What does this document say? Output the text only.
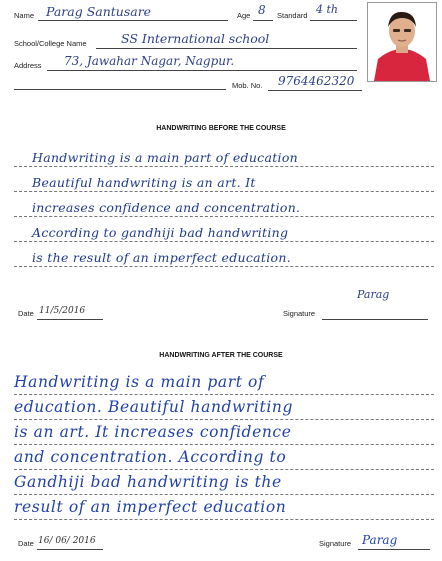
Name Parag Santusare	Age 8 Standard 4 th
School/College Name	SS International school
Address 73, Jawahar Nagar, Nagpur.
Mob. No. 9764462320
HANDWRITING BEFORE THE COURSE
Handwriting is a main part of education
Beautiful handwriting is an art. It
increases confidence and concentration.
According to gandhiji bad handwriting
is the result of an imperfect education.
Parag
Date 11/5/2016	Signature
HANDWRITING AFTER THE COURSE
Handwriting is a main part of
education. Beautiful handwriting
is an art. It increases confidence
and concentration. According to
Gandhiji bad handwriting is the
result of an imperfect education
Date 16/ 06/ 2016	Signature Parag
